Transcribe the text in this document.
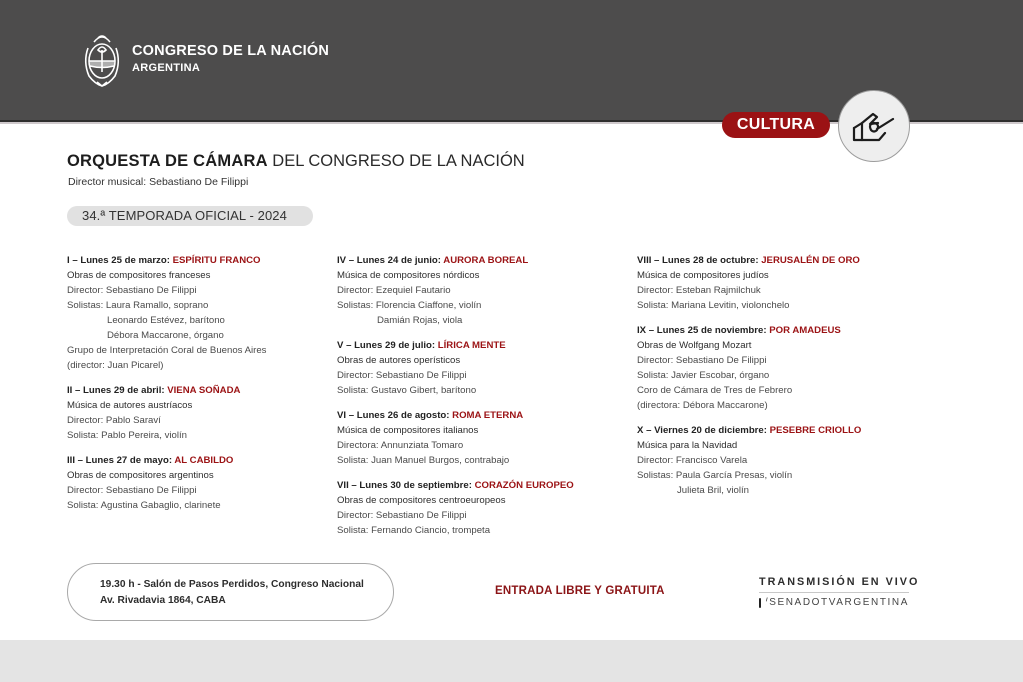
CONGRESO DE LA NACIÓN
ARGENTINA
CULTURA
ORQUESTA DE CÁMARA DEL CONGRESO DE LA NACIÓN
Director musical: Sebastiano De Filippi
34.ª TEMPORADA OFICIAL - 2024
I – Lunes 25 de marzo: ESPÍRITU FRANCO
Obras de compositores franceses
Director: Sebastiano De Filippi
Solistas: Laura Ramallo, soprano
Leonardo Estévez, barítono
Débora Maccarone, órgano
Grupo de Interpretación Coral de Buenos Aires
(director: Juan Picarel)
II – Lunes 29 de abril: VIENA SOÑADA
Música de autores austríacos
Director: Pablo Saraví
Solista: Pablo Pereira, violín
III – Lunes 27 de mayo: AL CABILDO
Obras de compositores argentinos
Director: Sebastiano De Filippi
Solista: Agustina Gabaglio, clarinete
IV – Lunes 24 de junio: AURORA BOREAL
Música de compositores nórdicos
Director: Ezequiel Fautario
Solistas: Florencia Ciaffone, violín
Damián Rojas, viola
V – Lunes 29 de julio: LÍRICA MENTE
Obras de autores operísticos
Director: Sebastiano De Filippi
Solista: Gustavo Gibert, barítono
VI – Lunes 26 de agosto: ROMA ETERNA
Música de compositores italianos
Directora: Annunziata Tomaro
Solista: Juan Manuel Burgos, contrabajo
VII – Lunes 30 de septiembre: CORAZÓN EUROPEO
Obras de compositores centroeuropeos
Director: Sebastiano De Filippi
Solista: Fernando Ciancio, trompeta
VIII – Lunes 28 de octubre: JERUSALÉN DE ORO
Música de compositores judíos
Director: Esteban Rajmilchuk
Solista: Mariana Levitin, violonchelo
IX – Lunes 25 de noviembre: POR AMADEUS
Obras de Wolfgang Mozart
Director: Sebastiano De Filippi
Solista: Javier Escobar, órgano
Coro de Cámara de Tres de Febrero
(directora: Débora Maccarone)
X – Viernes 20 de diciembre: PESEBRE CRIOLLO
Música para la Navidad
Director: Francisco Varela
Solistas: Paula García Presas, violín
Julieta Bril, violín
19.30 h - Salón de Pasos Perdidos, Congreso Nacional
Av. Rivadavia 1864, CABA
ENTRADA LIBRE Y GRATUITA
TRANSMISIÓN EN VIVO
/SENADOTVARGENTINA
